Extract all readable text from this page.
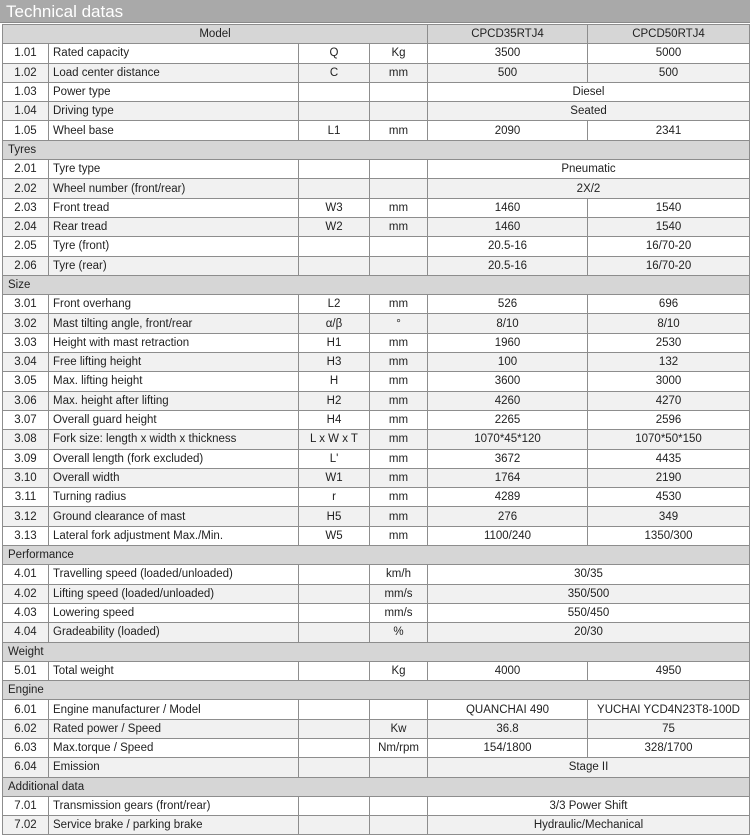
Technical datas
Model				CPCD35RTJ4	CPCD50RTJ4
1.01	Rated capacity	Q	Kg	3500	5000
1.02	Load center distance	C	mm	500	500
1.03	Power type			Diesel	
1.04	Driving type			Seated	
1.05	Wheel base	L1	mm	2090	2341
Tyres					
2.01	Tyre type			Pneumatic	
2.02	Wheel number (front/rear)			2X/2	
2.03	Front tread	W3	mm	1460	1540
2.04	Rear tread	W2	mm	1460	1540
2.05	Tyre (front)			20.5-16	16/70-20
2.06	Tyre (rear)			20.5-16	16/70-20
Size					
3.01	Front overhang	L2	mm	526	696
3.02	Mast tilting angle, front/rear	α/β	°	8/10	8/10
3.03	Height with mast retraction	H1	mm	1960	2530
3.04	Free lifting height	H3	mm	100	132
3.05	Max. lifting height	H	mm	3600	3000
3.06	Max. height after lifting	H2	mm	4260	4270
3.07	Overall guard height	H4	mm	2265	2596
3.08	Fork size: length x width x thickness	L x W x T	mm	1070*45*120	1070*50*150
3.09	Overall length (fork excluded)	L'	mm	3672	4435
3.10	Overall width	W1	mm	1764	2190
3.11	Turning radius	r	mm	4289	4530
3.12	Ground clearance of mast	H5	mm	276	349
3.13	Lateral fork adjustment Max./Min.	W5	mm	1100/240	1350/300
Performance					
4.01	Travelling speed (loaded/unloaded)		km/h	30/35	
4.02	Lifting speed (loaded/unloaded)		mm/s	350/500	
4.03	Lowering speed		mm/s	550/450	
4.04	Gradeability (loaded)		%	20/30	
Weight					
5.01	Total weight		Kg	4000	4950
Engine					
6.01	Engine manufacturer / Model			QUANCHAI 490	YUCHAI YCD4N23T8-100D
6.02	Rated power / Speed		Kw	36.8	75
6.03	Max.torque / Speed		Nm/rpm	154/1800	328/1700
6.04	Emission			Stage II	
Additional data					
7.01	Transmission gears (front/rear)			3/3 Power Shift	
7.02	Service brake / parking brake			Hydraulic/Mechanical	
